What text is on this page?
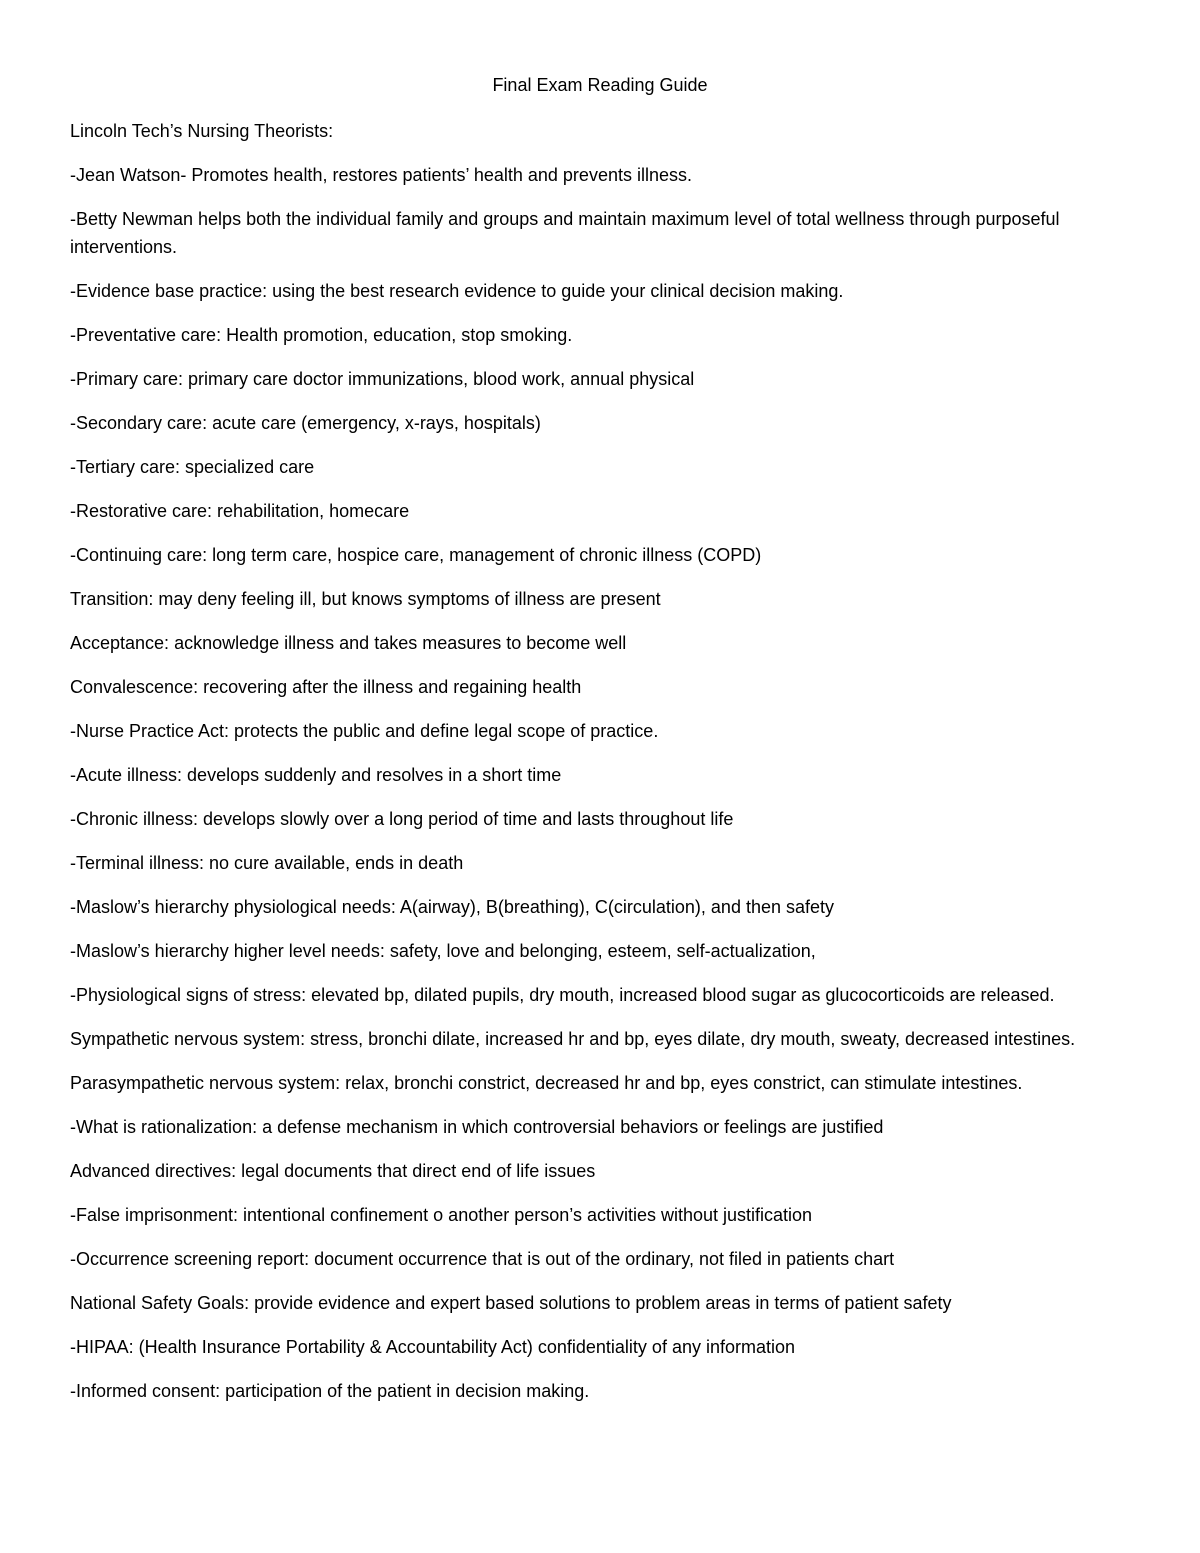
Final Exam Reading Guide

Lincoln Tech’s Nursing Theorists:

-Jean Watson- Promotes health, restores patients’ health and prevents illness.

-Betty Newman helps both the individual family and groups and maintain maximum level of total wellness through purposeful interventions.

-Evidence base practice: using the best research evidence to guide your clinical decision making.

-Preventative care: Health promotion, education, stop smoking.

-Primary care: primary care doctor immunizations, blood work, annual physical

-Secondary care: acute care (emergency, x-rays, hospitals)

-Tertiary care: specialized care

-Restorative care: rehabilitation, homecare

-Continuing care: long term care, hospice care, management of chronic illness (COPD)

Transition: may deny feeling ill, but knows symptoms of illness are present

Acceptance: acknowledge illness and takes measures to become well

Convalescence: recovering after the illness and regaining health

-Nurse Practice Act: protects the public and define legal scope of practice.

-Acute illness: develops suddenly and resolves in a short time

-Chronic illness: develops slowly over a long period of time and lasts throughout life

-Terminal illness: no cure available, ends in death

-Maslow’s hierarchy physiological needs: A(airway), B(breathing), C(circulation), and then safety

-Maslow’s hierarchy higher level needs: safety, love and belonging, esteem, self-actualization,

-Physiological signs of stress: elevated bp, dilated pupils, dry mouth, increased blood sugar as glucocorticoids are released.

Sympathetic nervous system: stress, bronchi dilate, increased hr and bp, eyes dilate, dry mouth, sweaty, decreased intestines.

Parasympathetic nervous system: relax, bronchi constrict, decreased hr and bp, eyes constrict, can stimulate intestines.

-What is rationalization: a defense mechanism in which controversial behaviors or feelings are justified

Advanced directives: legal documents that direct end of life issues

-False imprisonment: intentional confinement o another person’s activities without justification

-Occurrence screening report: document occurrence that is out of the ordinary, not filed in patients chart

National Safety Goals: provide evidence and expert based solutions to problem areas in terms of patient safety

-HIPAA: (Health Insurance Portability & Accountability Act) confidentiality of any information

-Informed consent: participation of the patient in decision making.
